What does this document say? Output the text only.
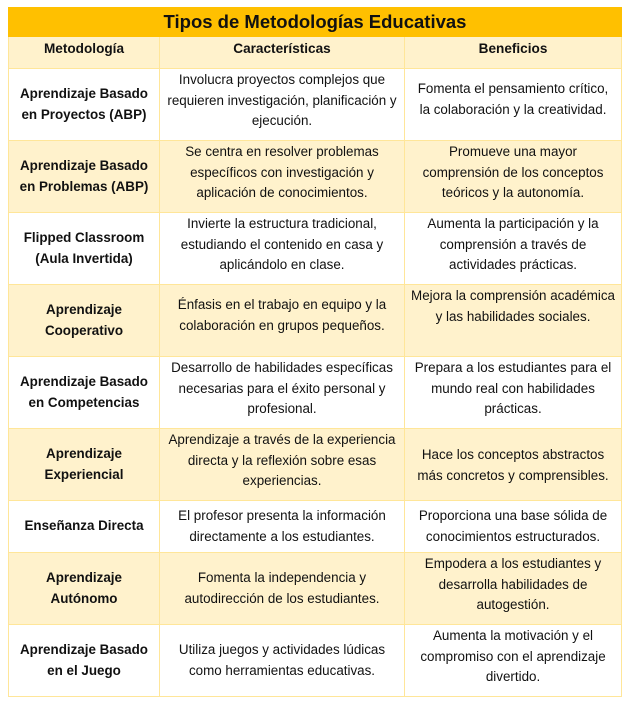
Tipos de Metodologías Educativas		
Metodología	Características	Beneficios
Aprendizaje Basado en Proyectos (ABP)	Involucra proyectos complejos que requieren investigación, planificación y ejecución.	Fomenta el pensamiento crítico, la colaboración y la creatividad.
Aprendizaje Basado en Problemas (ABP)	Se centra en resolver problemas específicos con investigación y aplicación de conocimientos.	Promueve una mayor comprensión de los conceptos teóricos y la autonomía.
Flipped Classroom (Aula Invertida)	Invierte la estructura tradicional, estudiando el contenido en casa y aplicándolo en clase.	Aumenta la participación y la comprensión a través de actividades prácticas.
Aprendizaje Cooperativo	Énfasis en el trabajo en equipo y la colaboración en grupos pequeños.	Mejora la comprensión académica y las habilidades sociales.
Aprendizaje Basado en Competencias	Desarrollo de habilidades específicas necesarias para el éxito personal y profesional.	Prepara a los estudiantes para el mundo real con habilidades prácticas.
Aprendizaje Experiencial	Aprendizaje a través de la experiencia directa y la reflexión sobre esas experiencias.	Hace los conceptos abstractos más concretos y comprensibles.
Enseñanza Directa	El profesor presenta la información directamente a los estudiantes.	Proporciona una base sólida de conocimientos estructurados.
Aprendizaje Autónomo	Fomenta la independencia y autodirección de los estudiantes.	Empodera a los estudiantes y desarrolla habilidades de autogestión.
Aprendizaje Basado en el Juego	Utiliza juegos y actividades lúdicas como herramientas educativas.	Aumenta la motivación y el compromiso con el aprendizaje divertido.
